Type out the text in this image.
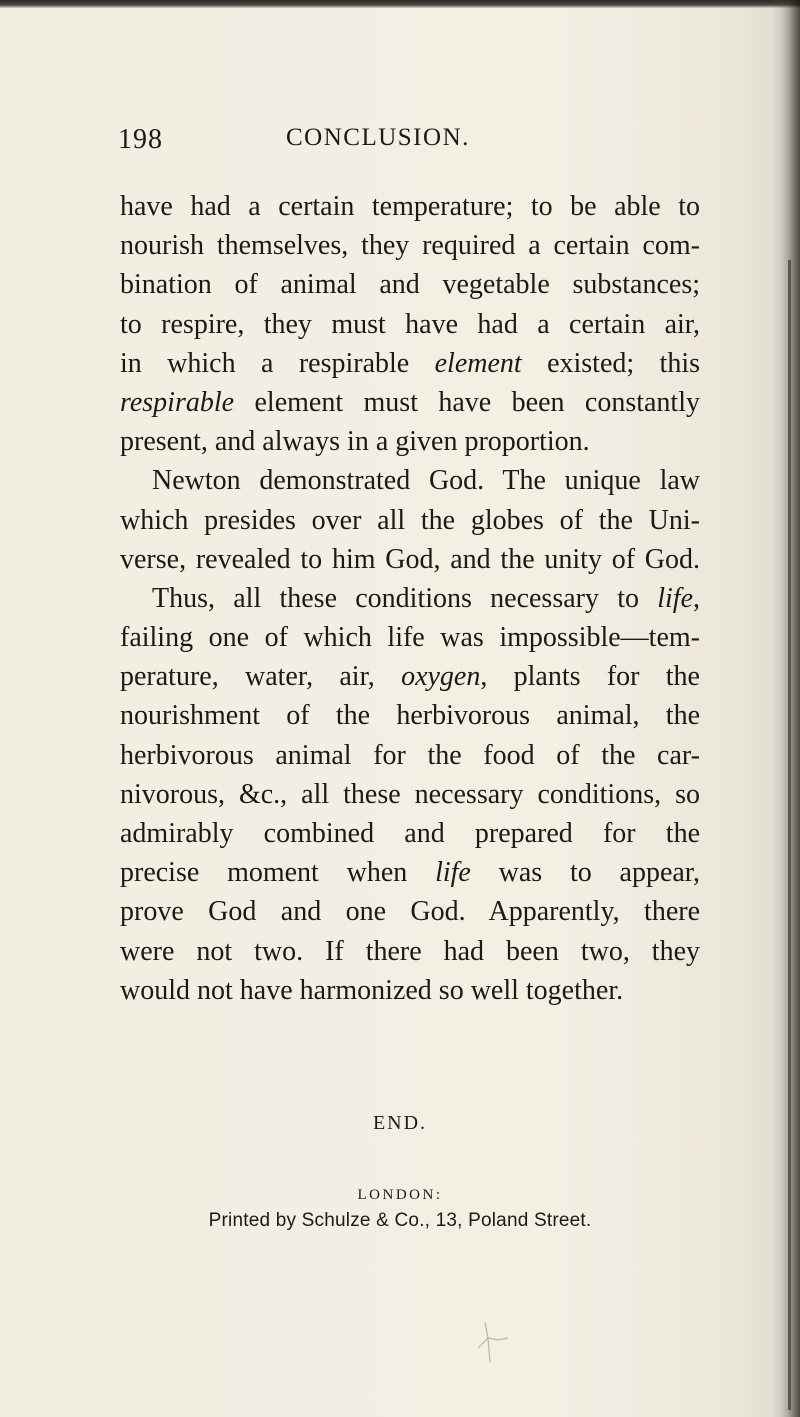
198	CONCLUSION.
have had a certain temperature; to be able to
nourish themselves, they required a certain com-
bination of animal and vegetable substances;
to respire, they must have had a certain air,
in which a respirable element existed; this
respirable element must have been constantly
present, and always in a given proportion.
Newton demonstrated God. The unique law
which presides over all the globes of the Uni-
verse, revealed to him God, and the unity of God.
Thus, all these conditions necessary to life,
failing one of which life was impossible—tem-
perature, water, air, oxygen, plants for the
nourishment of the herbivorous animal, the
herbivorous animal for the food of the car-
nivorous, &c., all these necessary conditions, so
admirably combined and prepared for the
precise moment when life was to appear,
prove God and one God. Apparently, there
were not two. If there had been two, they
would not have harmonized so well together.
END.
LONDON:
Printed by Schulze & Co., 13, Poland Street.
